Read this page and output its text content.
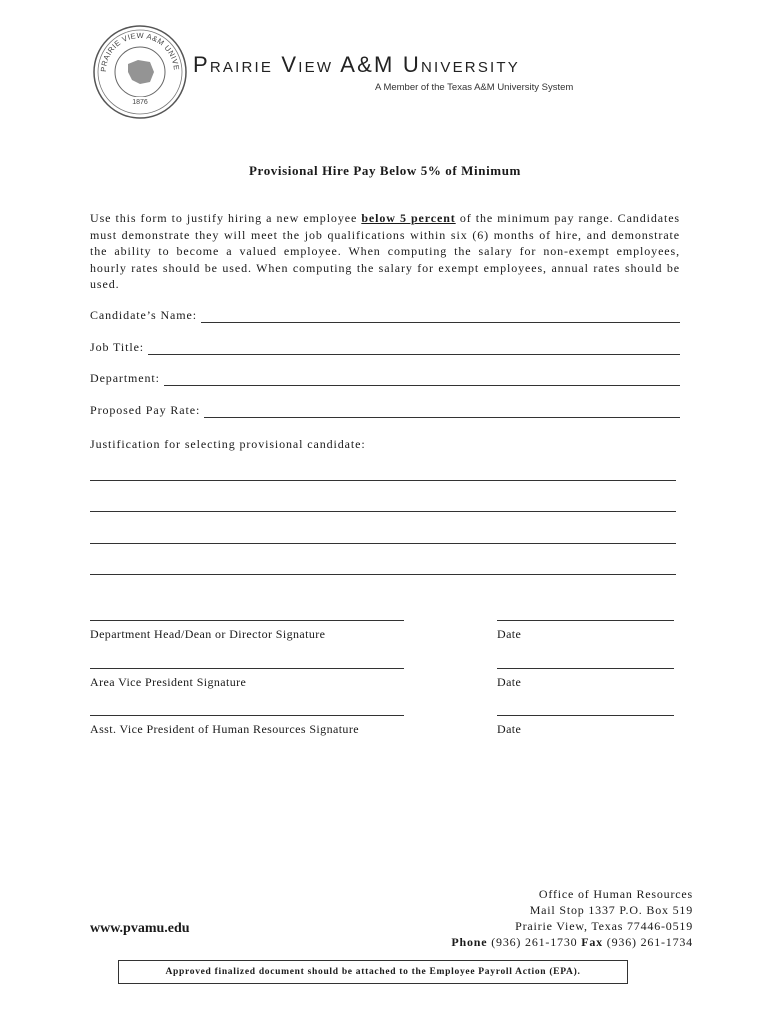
PRAIRIE VIEW A&M UNIVE
1876
Prairie View A&M University
A Member of the Texas A&M University System
Provisional Hire Pay Below 5% of Minimum
Use this form to justify hiring a new employee below 5 percent of the minimum pay range. Candidates must demonstrate they will meet the job qualifications within six (6) months of hire, and demonstrate the ability to become a valued employee. When computing the salary for non-exempt employees, hourly rates should be used. When computing the salary for exempt employees, annual rates should be used.
Candidate’s Name:
Job Title:
Department:
Proposed Pay Rate:
Justification for selecting provisional candidate:
Department Head/Dean or Director Signature	Date
Area Vice President Signature	Date
Asst. Vice President of Human Resources Signature	Date
Office of Human Resources
Mail Stop 1337 P.O. Box 519
Prairie View, Texas 77446-0519
Phone (936) 261-1730 Fax (936) 261-1734
www.pvamu.edu
Approved finalized document should be attached to the Employee Payroll Action (EPA).
